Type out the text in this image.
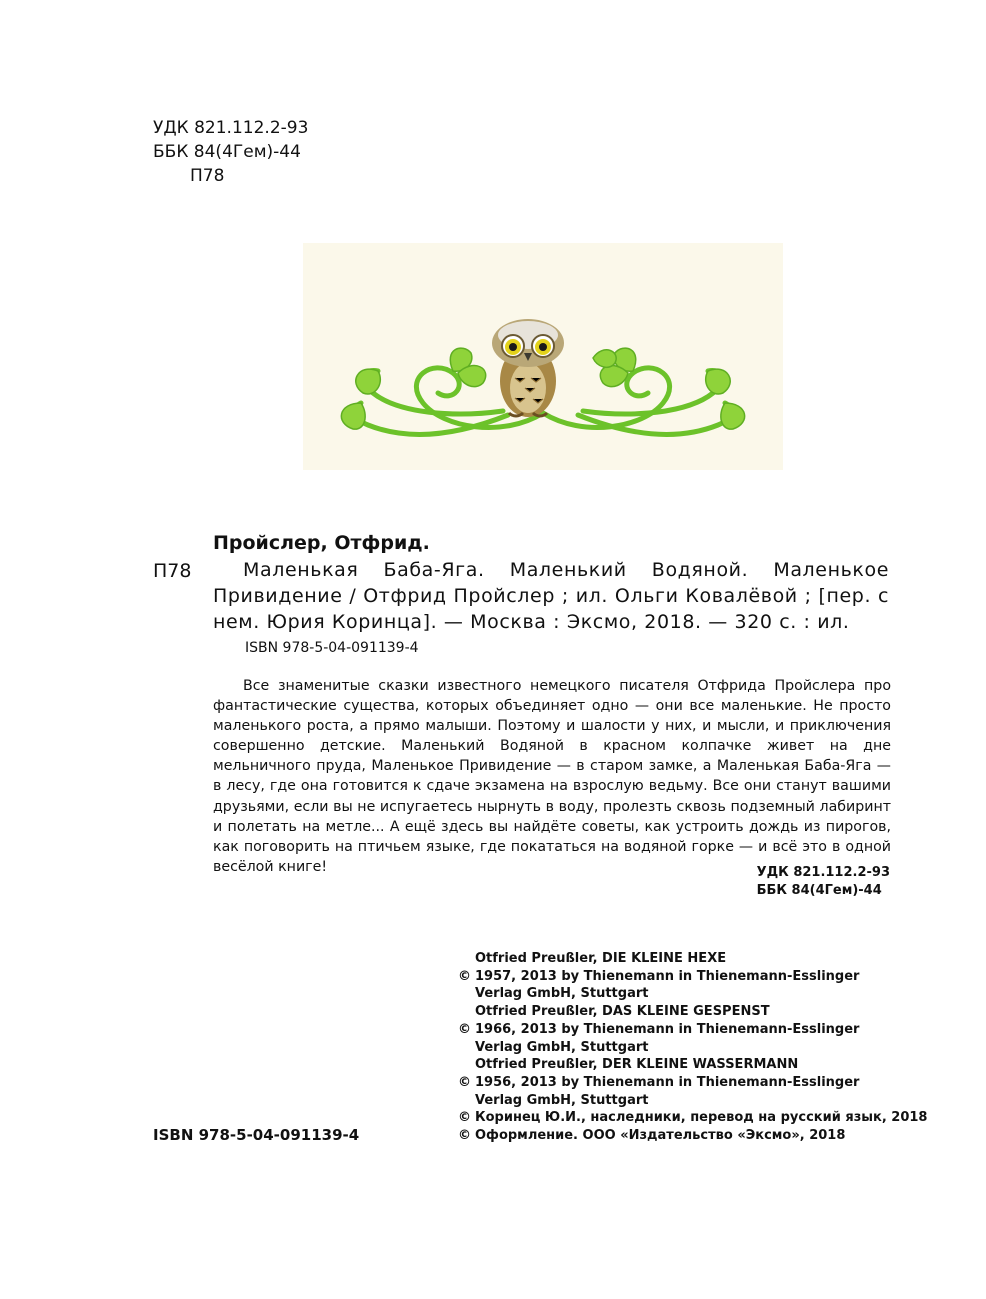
УДК 821.112.2-93
ББК 84(4Гем)-44
П78
Пройслер, Отфрид.
П78	Маленькая Баба-Яга. Маленький Водяной. Маленькое Привидение / Отфрид Пройслер ; ил. Ольги Ковалёвой ; [пер. с нем. Юрия Коринца]. — Москва : Эксмо, 2018. — 320 с. : ил.

ISBN 978-5-04-091139-4

Все знаменитые сказки известного немецкого писателя Отфрида Пройслера про фантастические существа, которых объединяет одно — они все маленькие. Не просто маленького роста, а прямо малыши. Поэтому и шалости у них, и мысли, и приключения совершенно детские. Маленький Водяной в красном колпачке живет на дне мельничного пруда, Маленькое Привидение — в старом замке, а Маленькая Баба-Яга — в лесу, где она готовится к сдаче экзамена на взрослую ведьму. Все они станут вашими друзьями, если вы не испугаетесь нырнуть в воду, пролезть сквозь подземный лабиринт и полетать на метле... А ещё здесь вы найдёте советы, как устроить дождь из пирогов, как поговорить на птичьем языке, где покататься на водяной горке — и всё это в одной весёлой книге!	УДК 821.112.2-93
ББК 84(4Гем)-44
Otfried Preußler, DIE KLEINE HEXE
© 1957, 2013 by Thienemann in Thienemann-Esslinger
Verlag GmbH, Stuttgart
Otfried Preußler, DAS KLEINE GESPENST
© 1966, 2013 by Thienemann in Thienemann-Esslinger
Verlag GmbH, Stuttgart
Otfried Preußler, DER KLEINE WASSERMANN
© 1956, 2013 by Thienemann in Thienemann-Esslinger
Verlag GmbH, Stuttgart
© Коринец Ю.И., наследники, перевод на русский язык, 2018
© Оформление. ООО «Издательство «Эксмо», 2018
ISBN 978-5-04-091139-4
